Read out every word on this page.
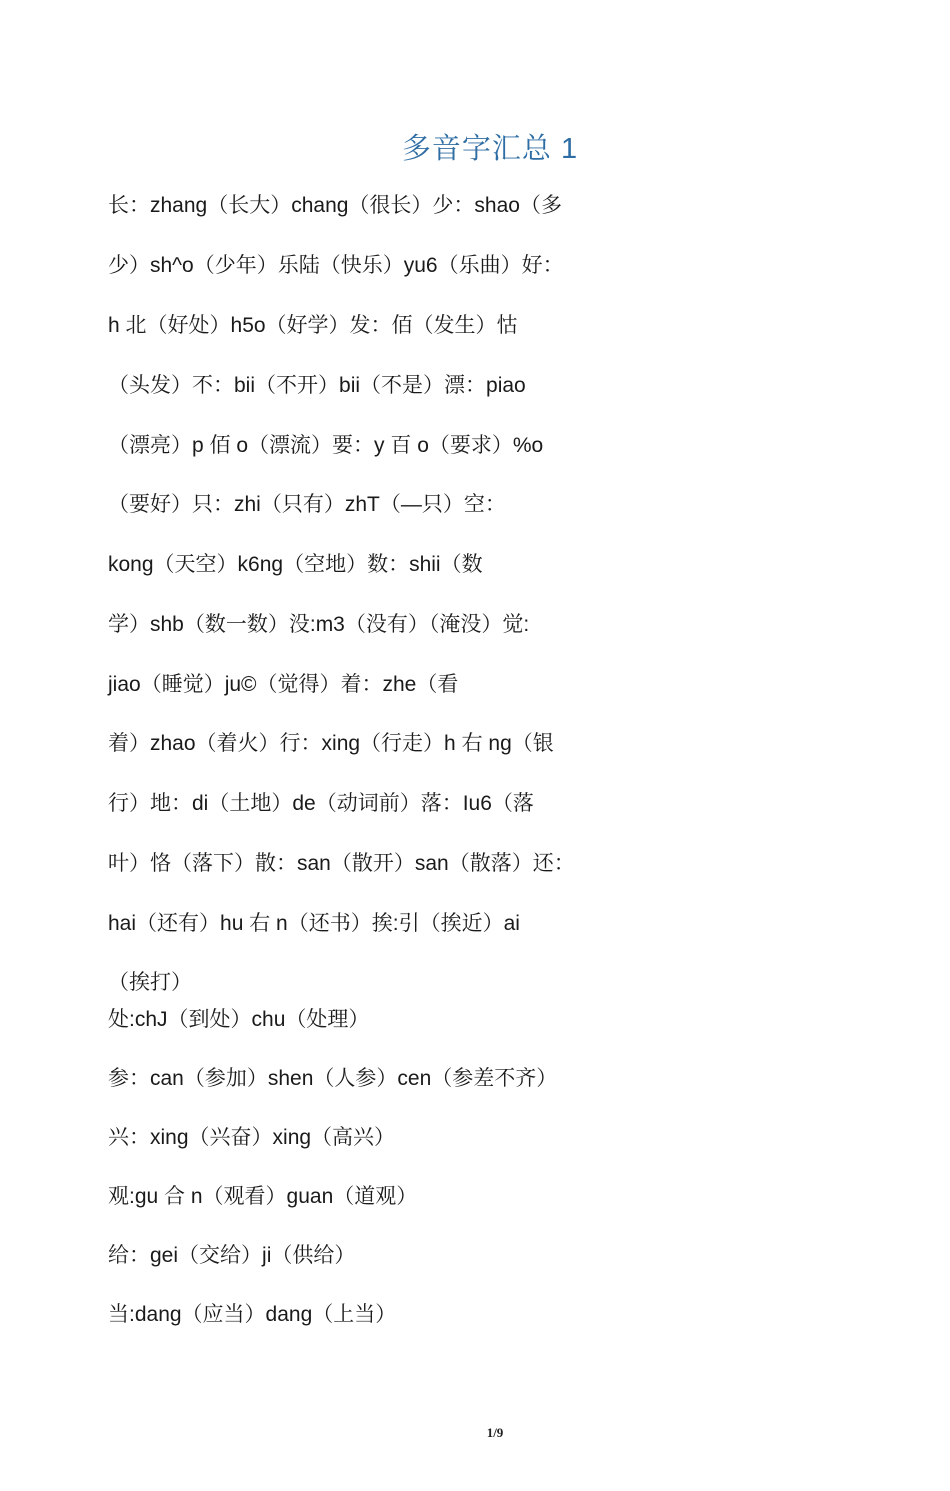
多音字汇总 1
长：zhang（长大）chang（很长）少：shao（多
少）sh^o（少年）乐陆（快乐）yu6（乐曲）好：
h 北（好处）h5o（好学）发：佰（发生）怙
（头发）不：bii（不开）bii（不是）漂：piao
（漂亮）p 佰 o（漂流）要：y 百 o（要求）%o
（要好）只：zhi（只有）zhT（—只）空：
kong（天空）k6ng（空地）数：shii（数
学）shb（数一数）没:m3（没有）（淹没）觉:
jiao（睡觉）ju©（觉得）着：zhe（看
着）zhao（着火）行：xing（行走）h 右 ng（银
行）地：di（土地）de（动词前）落：Iu6（落
叶）恪（落下）散：san（散开）san（散落）还：
hai（还有）hu 右 n（还书）挨:引（挨近）ai
（挨打）
处:chJ（到处）chu（处理）
参：can（参加）shen（人参）cen（参差不齐）
兴：xing（兴奋）xing（高兴）
观:gu 合 n（观看）guan（道观）
给：gei（交给）ji（供给）
当:dang（应当）dang（上当）
1/9
